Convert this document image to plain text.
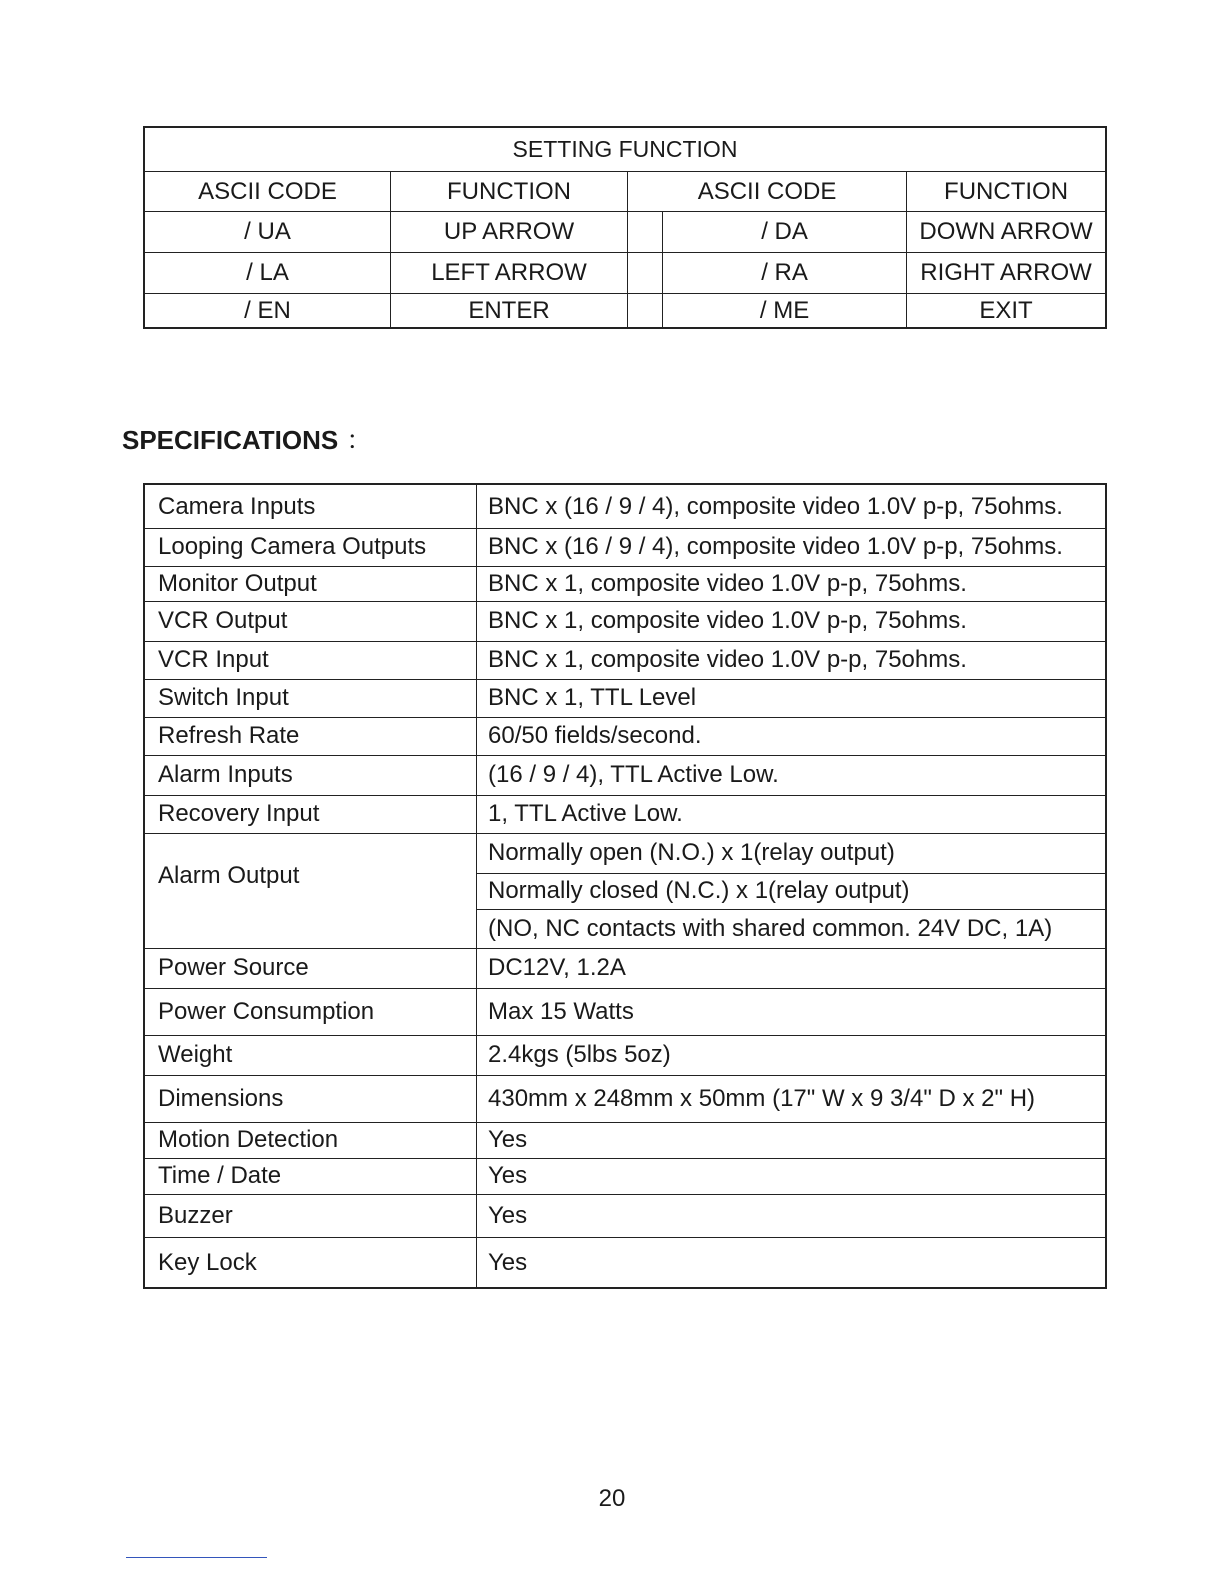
SETTING FUNCTION				
ASCII CODE	FUNCTION	ASCII CODE		FUNCTION
/ UA	UP ARROW		/ DA	DOWN ARROW
/ LA	LEFT ARROW		/ RA	RIGHT ARROW
/ EN	ENTER		/ ME	EXIT
SPECIFICATIONS ：
Camera Inputs	BNC x (16 / 9 / 4), composite video 1.0V p-p, 75ohms.
Looping Camera Outputs	BNC x (16 / 9 / 4), composite video 1.0V p-p, 75ohms.
Monitor Output	BNC x 1, composite video 1.0V p-p, 75ohms.
VCR Output	BNC x 1, composite video 1.0V p-p, 75ohms.
VCR Input	BNC x 1, composite video 1.0V p-p, 75ohms.
Switch Input	BNC x 1, TTL Level
Refresh Rate	60/50 fields/second.
Alarm Inputs	(16 / 9 / 4), TTL Active Low.
Recovery Input	1, TTL Active Low.
Alarm Output	Normally open (N.O.) x 1(relay output)
	Normally closed (N.C.) x 1(relay output)
	(NO, NC contacts with shared common. 24V DC, 1A)
Power Source	DC12V, 1.2A
Power Consumption	Max 15 Watts
Weight	2.4kgs (5lbs 5oz)
Dimensions	430mm x 248mm x 50mm (17" W x 9 3/4" D x 2" H)
Motion Detection	Yes
Time / Date	Yes
Buzzer	Yes
Key Lock	Yes
20
